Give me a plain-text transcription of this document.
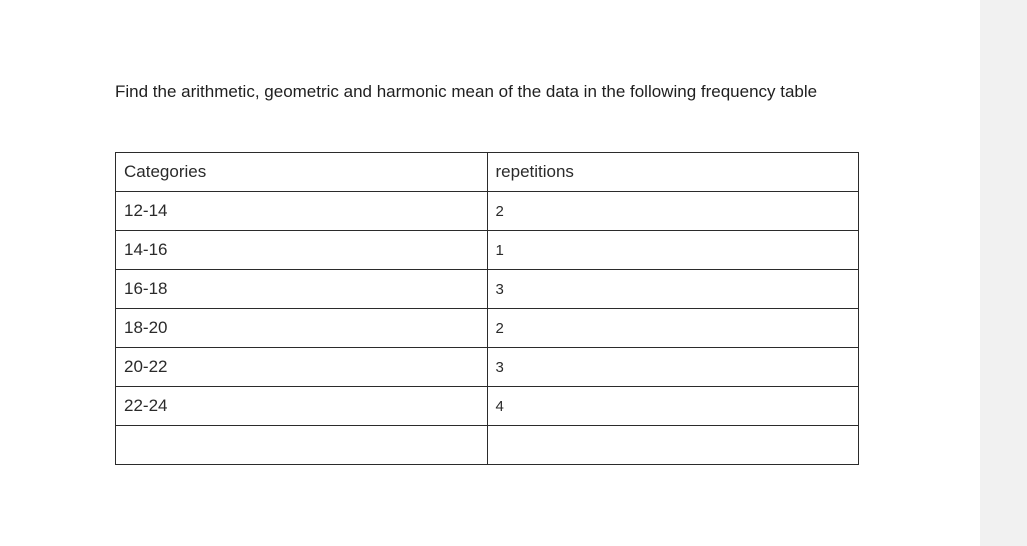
Find the arithmetic, geometric and harmonic mean of the data in the following frequency table

Categories	repetitions
12-14	2
14-16	1
16-18	3
18-20	2
20-22	3
22-24	4
